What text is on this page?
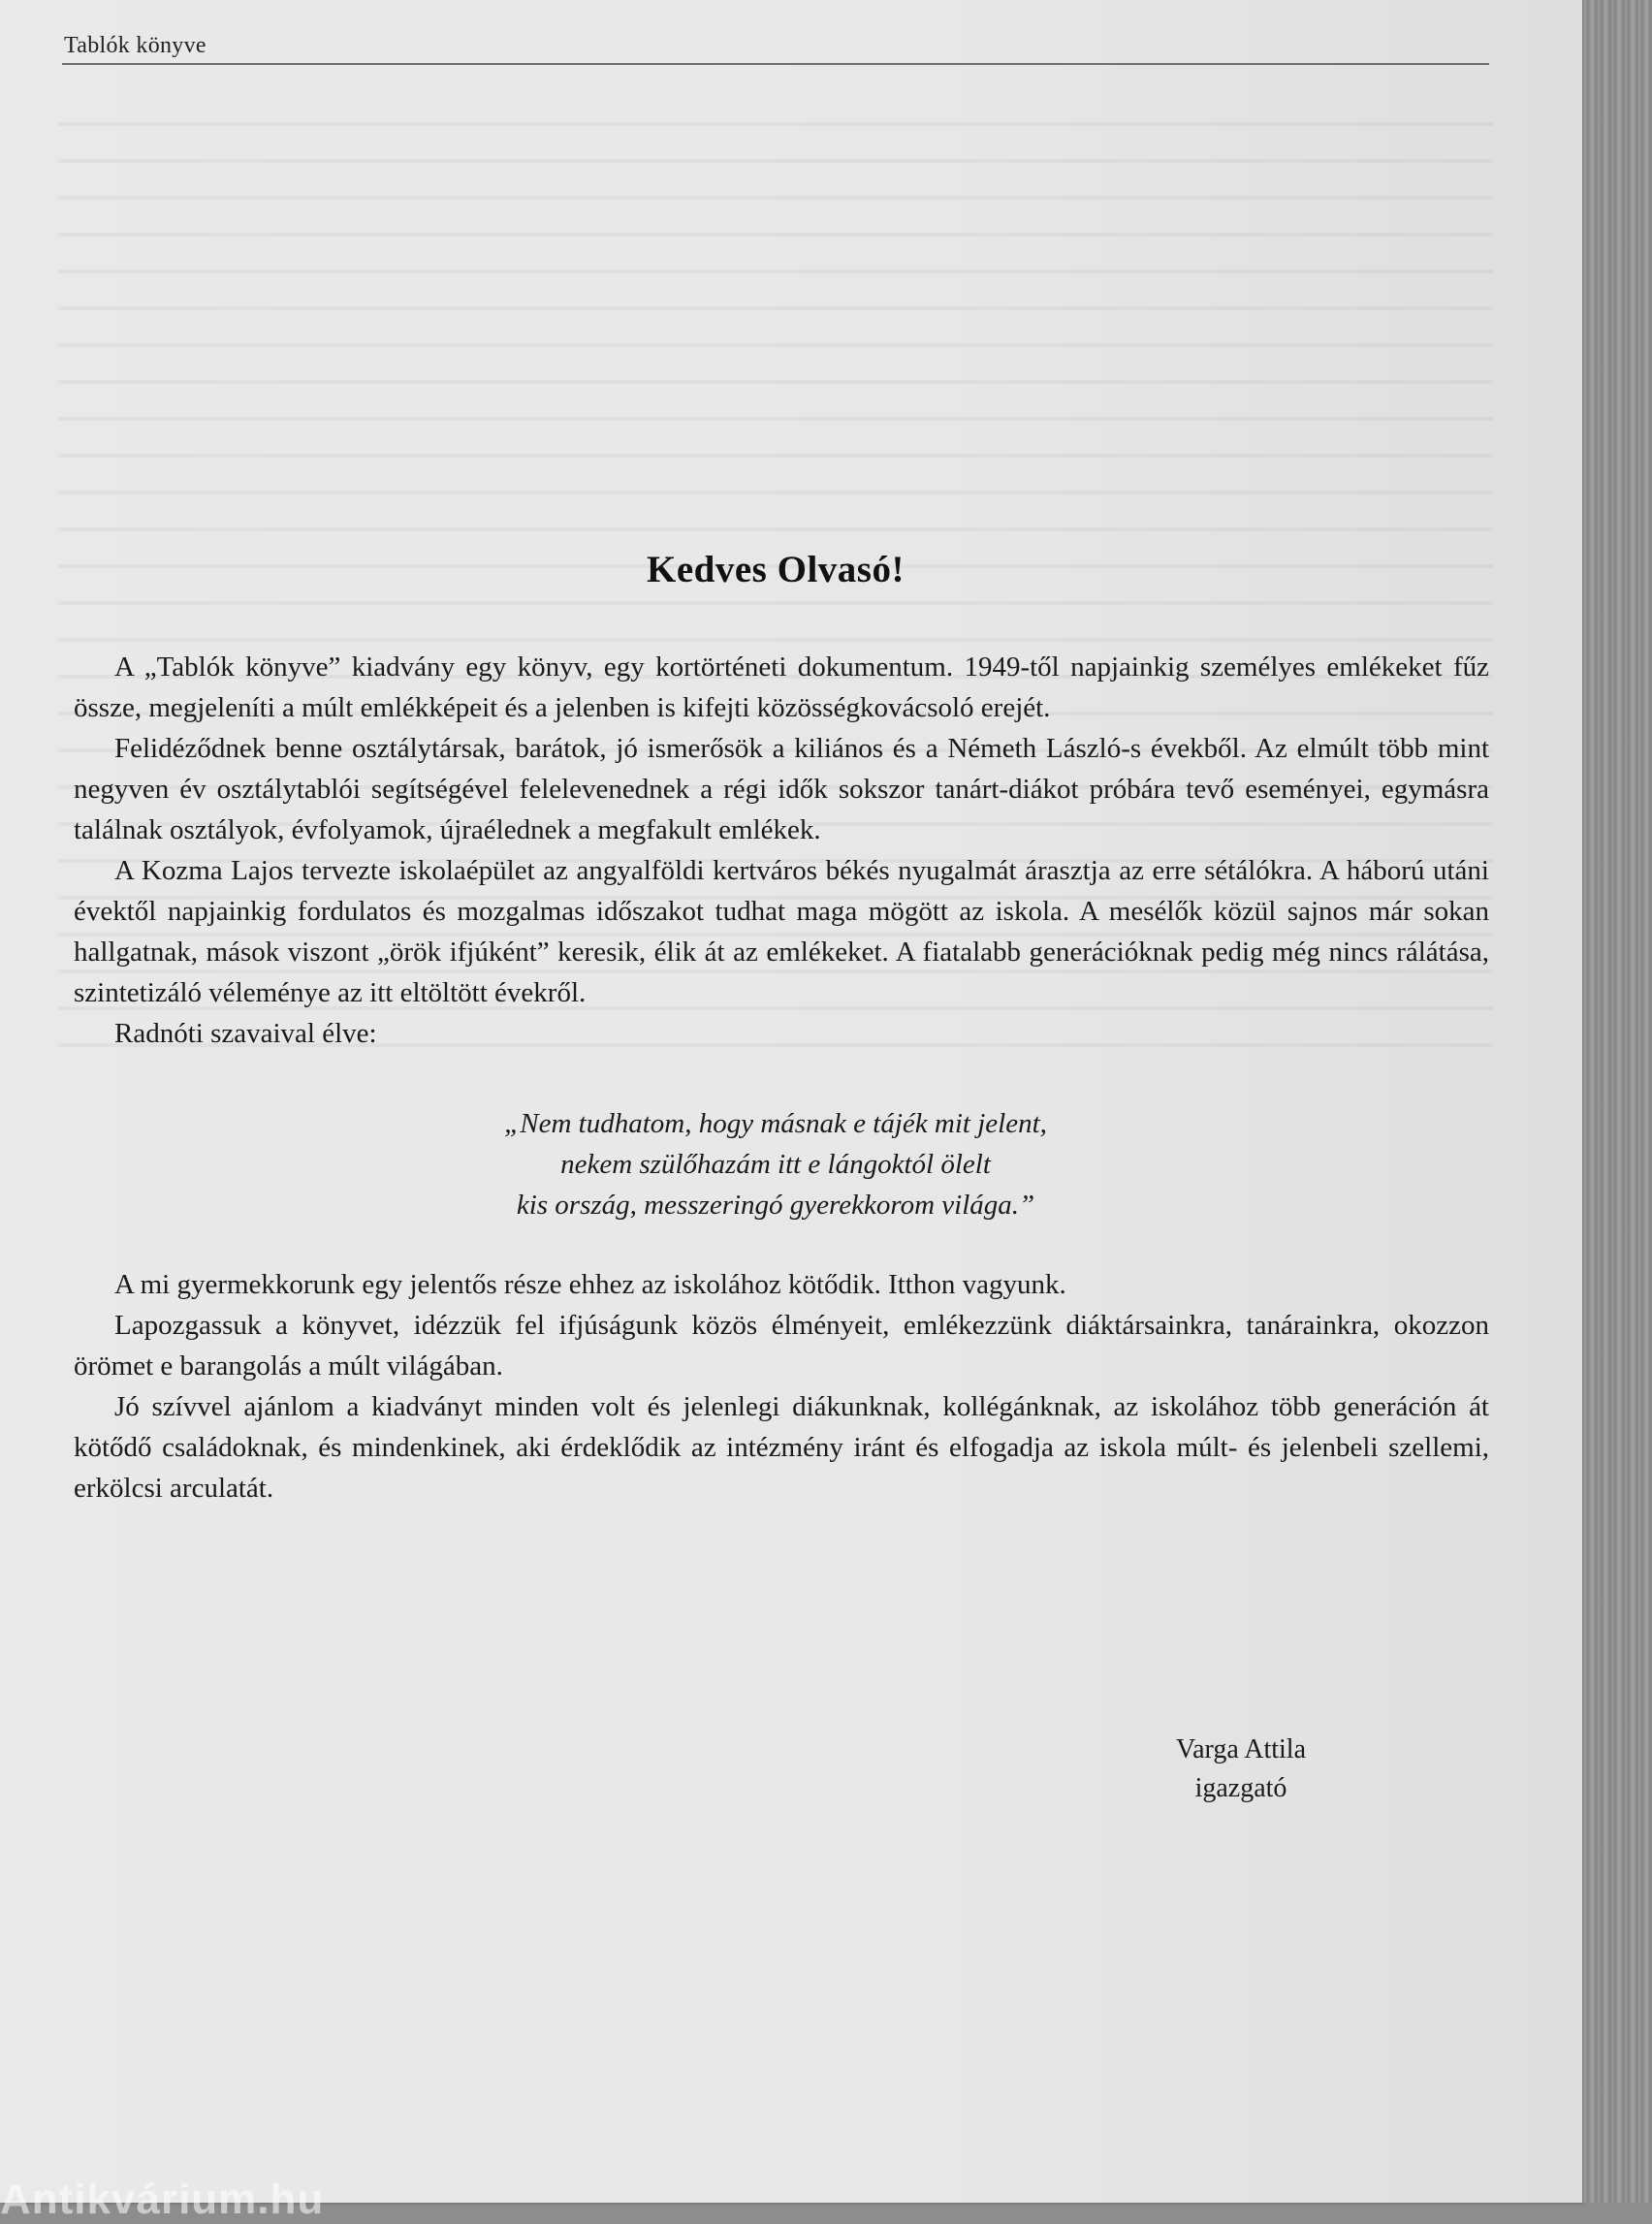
Tablók könyve
Kedves Olvasó!

A „Tablók könyve” kiadvány egy könyv, egy kortörténeti dokumentum. 1949-től napjainkig személyes emlékeket fűz össze, megjeleníti a múlt emlékképeit és a jelenben is kifejti közösségkovácsoló erejét.

Felidéződnek benne osztálytársak, barátok, jó ismerősök a kiliános és a Németh László-s évekből. Az elmúlt több mint negyven év osztálytablói segítségével felelevenednek a régi idők sokszor tanárt-diákot próbára tevő eseményei, egymásra találnak osztályok, évfolyamok, újraélednek a megfakult emlékek.

A Kozma Lajos tervezte iskolaépület az angyalföldi kertváros békés nyugalmát árasztja az erre sétálókra. A háború utáni évektől napjainkig fordulatos és mozgalmas időszakot tudhat maga mögött az iskola. A mesélők közül sajnos már sokan hallgatnak, mások viszont „örök ifjúként” keresik, élik át az emlékeket. A fiatalabb generációknak pedig még nincs rálátása, szintetizáló véleménye az itt eltöltött évekről.

Radnóti szavaival élve:

„Nem tudhatom, hogy másnak e tájék mit jelent,
nekem szülőhazám itt e lángoktól ölelt
kis ország, messzeringó gyerekkorom világa.”

A mi gyermekkorunk egy jelentős része ehhez az iskolához kötődik. Itthon vagyunk.

Lapozgassuk a könyvet, idézzük fel ifjúságunk közös élményeit, emlékezzünk diáktársainkra, tanárainkra, okozzon örömet e barangolás a múlt világában.

Jó szívvel ajánlom a kiadványt minden volt és jelenlegi diákunknak, kollégánknak, az iskolához több generáción át kötődő családoknak, és mindenkinek, aki érdeklődik az intézmény iránt és elfogadja az iskola múlt- és jelenbeli szellemi, erkölcsi arculatát.

Varga Attila
igazgató
Antikvárium.hu
